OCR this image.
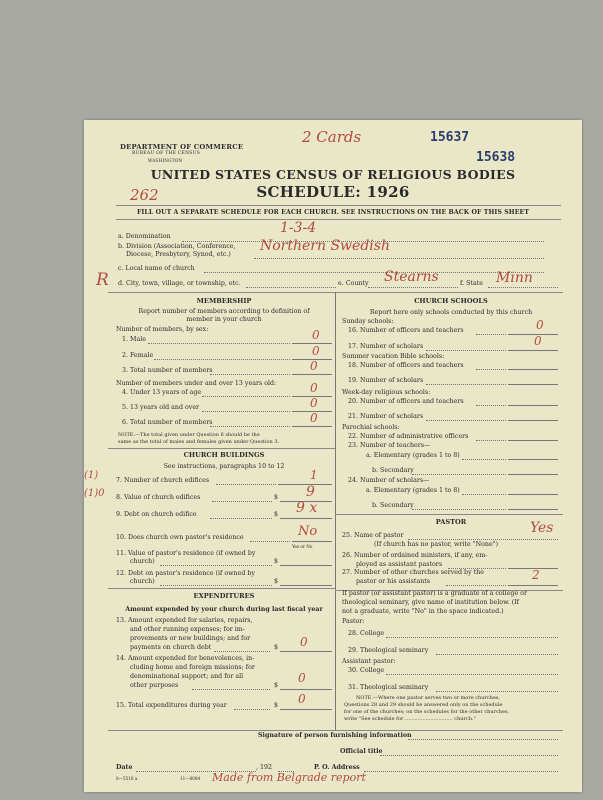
DEPARTMENT OF COMMERCE
BUREAU OF THE CENSUS
WASHINGTON
2 Cards	15637
15638
UNITED STATES CENSUS OF RELIGIOUS BODIES
SCHEDULE: 1926
262
FILL OUT A SEPARATE SCHEDULE FOR EACH CHURCH. SEE INSTRUCTIONS ON THE BACK OF THIS SHEET
a. Denomination
1-3-4
b. Division (Association, Conference,
Diocese, Presbytery, Synod, etc.)
Northern Swedish
c. Local name of church
R d. City, town, village, or township, etc.	e. County Stearns	f. State Minn
MEMBERSHIP
Report number of members according to definition of
member in your church
Number of members, by sex:
1. Male	0
2. Female	0
3. Total number of members	0
Number of members under and over 13 years old:
4. Under 13 years of age	0
5. 13 years old and over	0
6. Total number of members	0
NOTE.—The total given under Question 6 should be the
same as the total of males and females given under Question 3.
CHURCH BUILDINGS
See instructions, paragraphs 10 to 12
(1)	7. Number of church edifices	1
(1)0 8. Value of church edifices	$ 9
9. Debt on church edifice	$ 9 x
10. Does church own pastor's residence	No
Yes or No
11. Value of pastor's residence (if owned by
church)	$
12. Debt on pastor's residence (if owned by
church)	$
EXPENDITURES
Amount expended by your church during last fiscal year
13. Amount expended for salaries, repairs,
and other running expenses; for im-
provements or new buildings; and for
payments on church debt	$ 0
14. Amount expended for benevolences, in-
cluding home and foreign missions; for
denominational support; and for all
other purposes	$
0
15. Total expenditures during year	$ 0
CHURCH SCHOOLS
Report here only schools conducted by this church
Sunday schools:
16. Number of officers and teachers	0
17. Number of scholars	0
Summer vacation Bible schools:
18. Number of officers and teachers
19. Number of scholars
Week-day religious schools:
20. Number of officers and teachers
21. Number of scholars
Parochial schools:
22. Number of administrative officers
23. Number of teachers—
a. Elementary (grades 1 to 8)
b. Secondary
24. Number of scholars—
a. Elementary (grades 1 to 8)
b. Secondary
PASTOR
25. Name of pastor	Yes
(If church has no pastor, write "None")
26. Number of ordained ministers, if any, em-
ployed as assistant pastors
27. Number of other churches served by the
pastor or his assistants	2
If pastor (or assistant pastor) is a graduate of a college or
theological seminary, give name of institution below. (If
not a graduate, write "No" in the space indicated.)
Pastor:
28. College
29. Theological seminary
Assistant pastor:
30. College
31. Theological seminary
NOTE.—Where one pastor serves two or more churches,
Questions 28 and 29 should be answered only on the schedule
for one of the churches; on the schedules for the other churches,
write "See schedule for .............................. church."
Signature of person furnishing information
Official title
Date	, 192	P. O. Address
8—5518 a	11—8084 Made from Belgrade report
